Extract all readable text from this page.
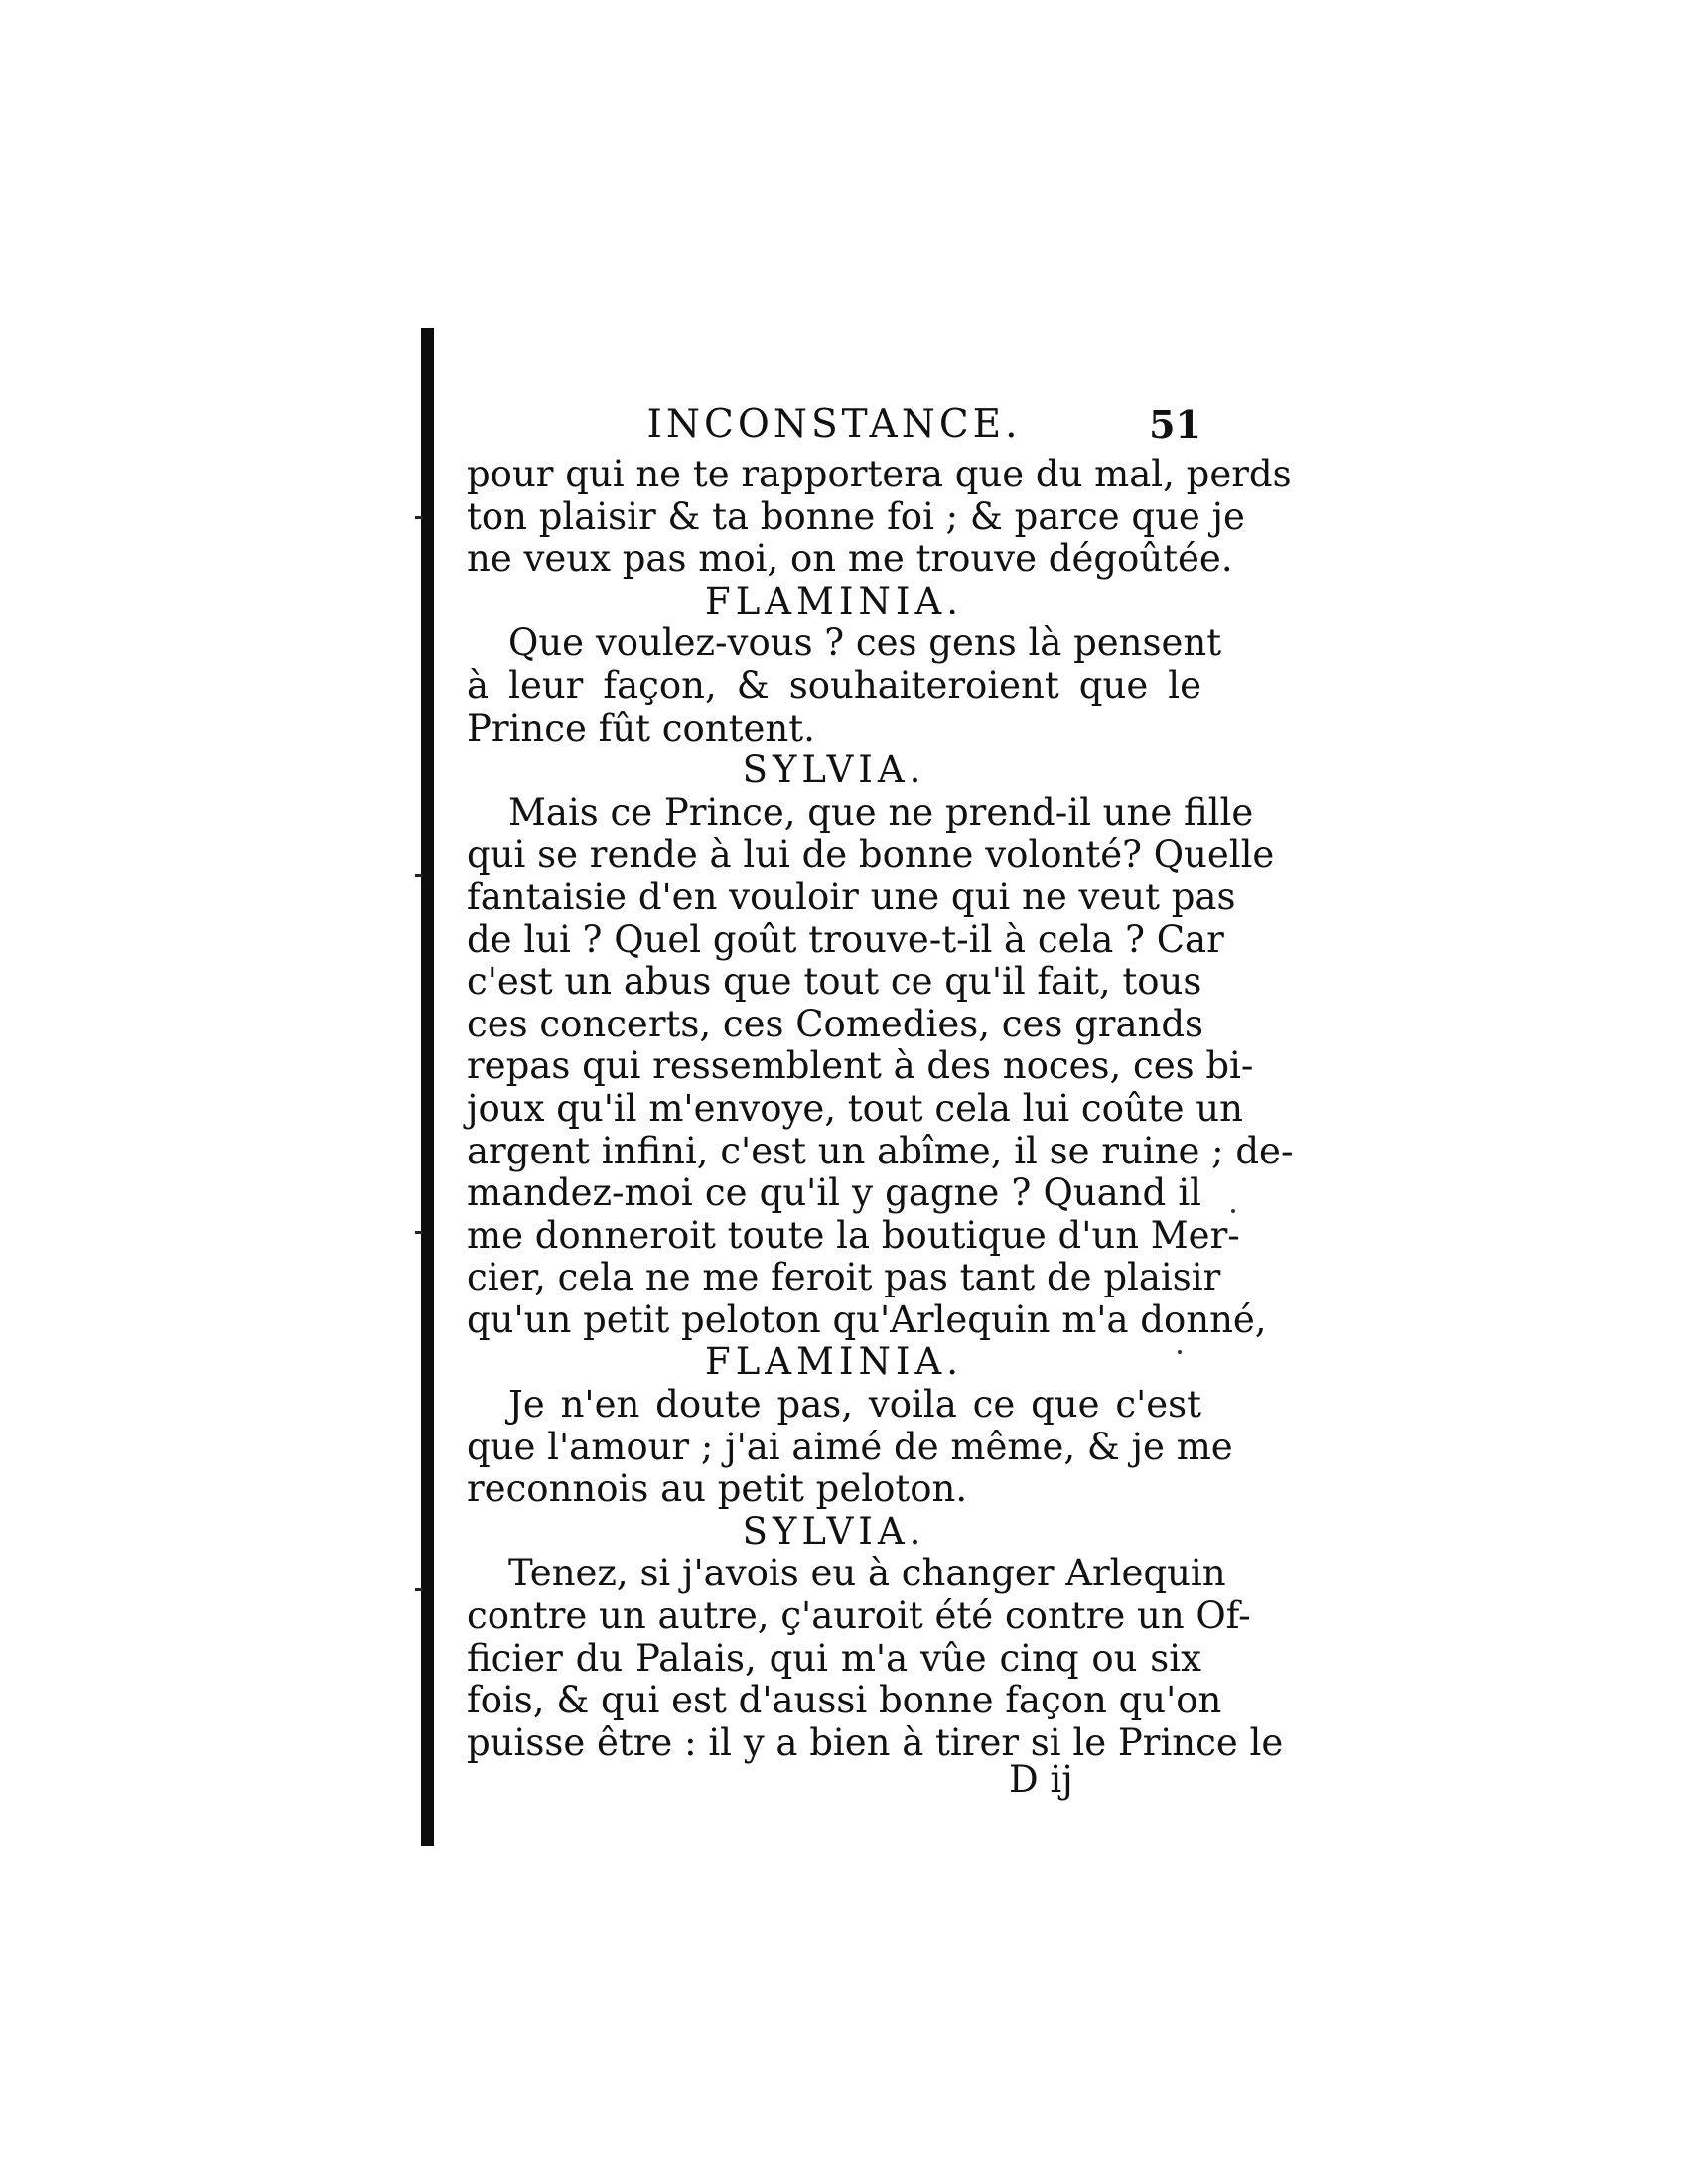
INCONSTANCE.	51
pour qui ne te rapportera que du mal, perds
ton plaisir & ta bonne foi ; & parce que je
ne veux pas moi, on me trouve dégoûtée.
FLAMINIA.
Que voulez-vous ? ces gens là pensent
à leur façon, & souhaiteroient que le
Prince fût content.
SYLVIA.
Mais ce Prince, que ne prend-il une fille
qui se rende à lui de bonne volonté? Quelle
fantaisie d'en vouloir une qui ne veut pas
de lui ? Quel goût trouve-t-il à cela ? Car
c'est un abus que tout ce qu'il fait, tous
ces concerts, ces Comedies, ces grands
repas qui ressemblent à des noces, ces bi-
joux qu'il m'envoye, tout cela lui coûte un
argent infini, c'est un abîme, il se ruine ; de-
mandez-moi ce qu'il y gagne ? Quand il
me donneroit toute la boutique d'un Mer-
cier, cela ne me feroit pas tant de plaisir
qu'un petit peloton qu'Arlequin m'a donné,
FLAMINIA.
Je n'en doute pas, voila ce que c'est
que l'amour ; j'ai aimé de même, & je me
reconnois au petit peloton.
SYLVIA.
Tenez, si j'avois eu à changer Arlequin
contre un autre, ç'auroit été contre un Of-
ficier du Palais, qui m'a vûe cinq ou six
fois, & qui est d'aussi bonne façon qu'on
puisse être : il y a bien à tirer si le Prince le
D ij
